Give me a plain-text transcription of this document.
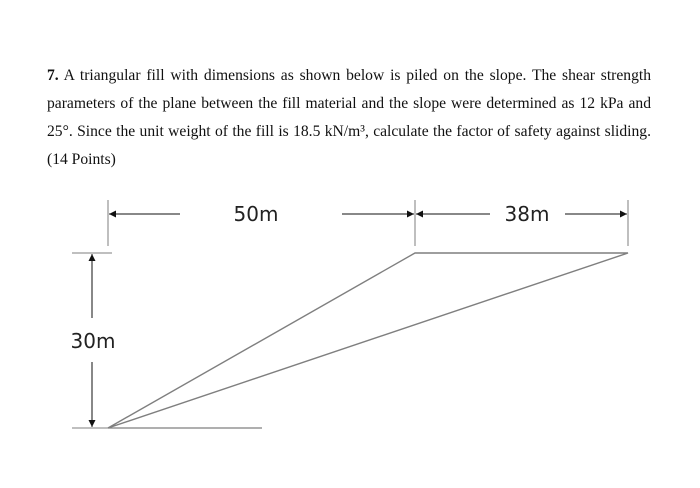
7. A triangular fill with dimensions as shown below is piled on the slope. The shear strength parameters of the plane between the fill material and the slope were determined as 12 kPa and 25°. Since the unit weight of the fill is 18.5 kN/m³, calculate the factor of safety against sliding. (14 Points)
50m	38m
30m
